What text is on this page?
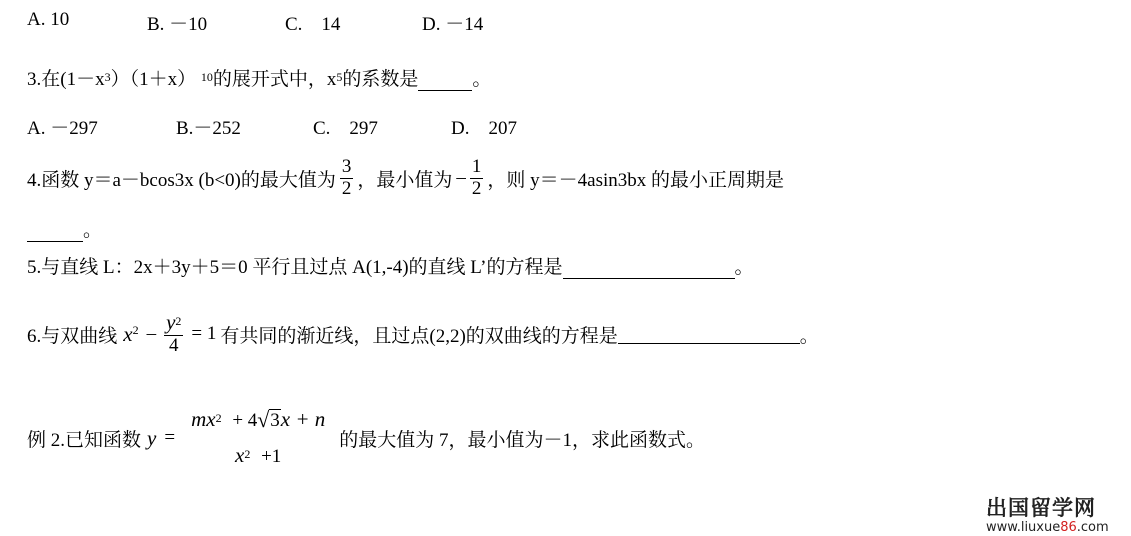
A. 10	B. －10	C.　14	D. －14
3.在$(1-x^3)(1+x)$ $^{10}$的展开式中，$x^5$的系数是	。
A. －297	B.－252	C.　297	D.　207
4.函数 y＝a－bcos3x (b<0)的最大值为 $\frac{3}{2}$ ，最小值为 – $\frac{1}{2}$ ，则 y＝－4asin3bx 的最小正周期是
。
5.与直线 L：2x＋3y＋5＝0 平行且过点 A(1,-4)的直线 L’的方程是	。
6.与双曲线 $x^2 - \frac{y^2}{4} = 1$ 有共同的渐近线，且过点(2,2)的双曲线的方程是	。
例 2.已知函数 y =
$mx^2 + 4$ √ 3x + n
$x^2 +1$
的最大值为 7，最小值为－1，求此函数式。
出国留学网
www.liuxue86.com
